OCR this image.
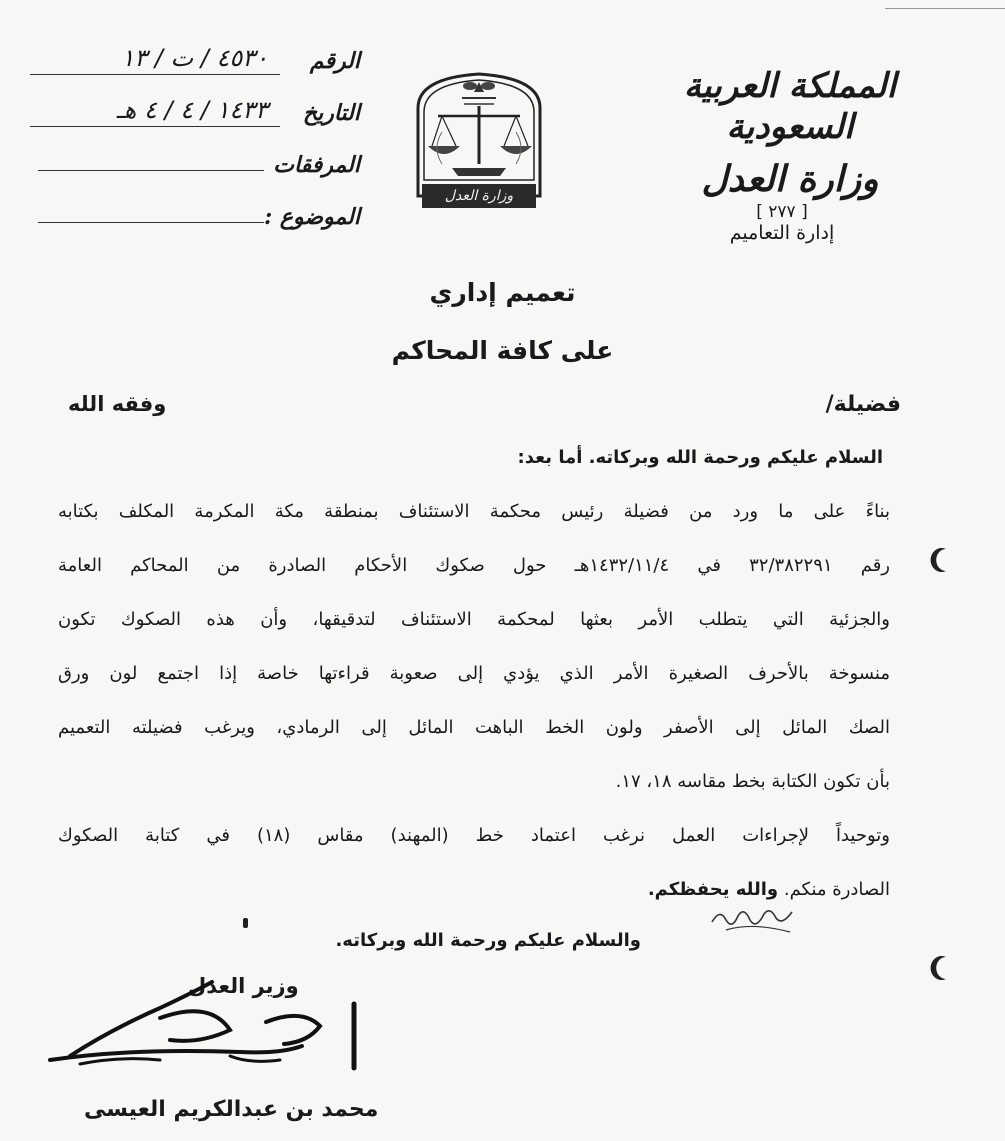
المملكة العربية السعودية
وزارة العدل
[ ٢٧٧ ]
إدارة التعاميم
وزارة العدل
الرقم
٤٥٣٠ / ت / ١٣
التاريخ
١٤٣٣ / ٤ / ٤ هـ
المرفقات
الموضوع :
تعميم إداري
على كافة المحاكم
فضيلة/
وفقه الله
السلام عليكم ورحمة الله وبركاته. أما بعد:
بناءً على ما ورد من فضيلة رئيس محكمة الاستئناف بمنطقة مكة المكرمة المكلف بكتابه
رقم ٣٢/٣٨٢٢٩١ في ١٤٣٢/١١/٤هـ حول صكوك الأحكام الصادرة من المحاكم العامة
والجزئية التي يتطلب الأمر بعثها لمحكمة الاستئناف لتدقيقها، وأن هذه الصكوك تكون
منسوخة بالأحرف الصغيرة الأمر الذي يؤدي إلى صعوبة قراءتها خاصة إذا اجتمع لون ورق
الصك المائل إلى الأصفر ولون الخط الباهت المائل إلى الرمادي، ويرغب فضيلته التعميم
بأن تكون الكتابة بخط مقاسه ١٨، ١٧.
وتوحيداً لإجراءات العمل نرغب اعتماد خط (المهند) مقاس (١٨) في كتابة الصكوك
الصادرة منكم. والله يحفظكم.
والسلام عليكم ورحمة الله وبركاته.
وزير العدل
محمد بن عبدالكريم العيسى
